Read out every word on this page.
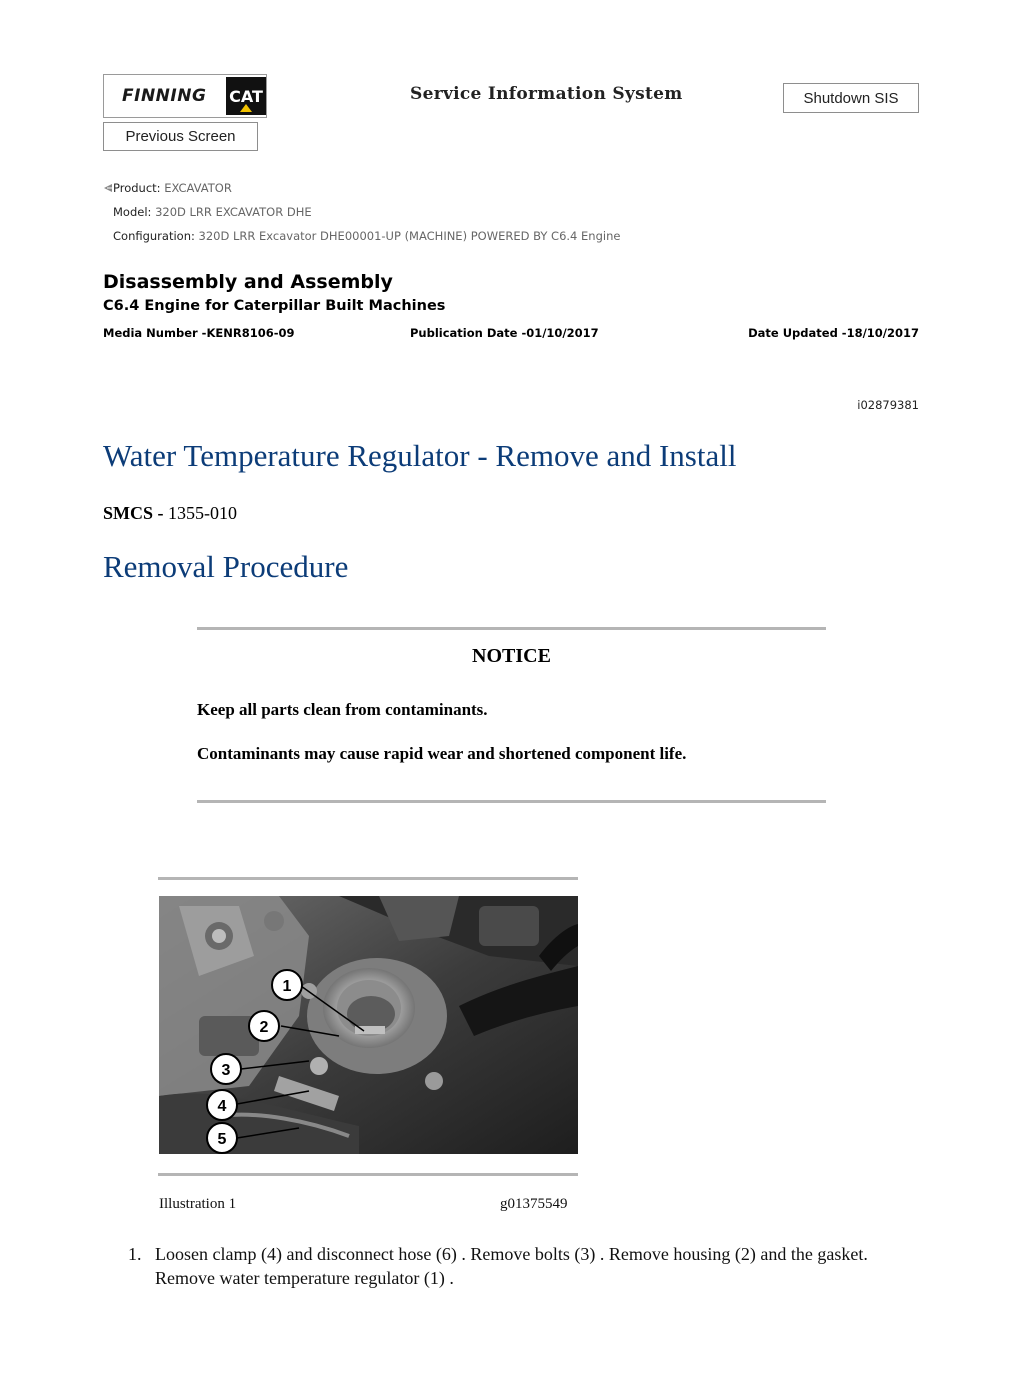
FINNING CAT	Service Information System	Shutdown SIS
Previous Screen
Product: EXCAVATOR
Model: 320D LRR EXCAVATOR DHE
Configuration: 320D LRR Excavator DHE00001-UP (MACHINE) POWERED BY C6.4 Engine
Disassembly and Assembly
C6.4 Engine for Caterpillar Built Machines
Media Number -KENR8106-09	Publication Date -01/10/2017	Date Updated -18/10/2017
i02879381
Water Temperature Regulator - Remove and Install
SMCS - 1355-010
Removal Procedure
NOTICE
Keep all parts clean from contaminants.
Contaminants may cause rapid wear and shortened component life.
1
2
3
4
5
Illustration 1	g01375549
1. Loosen clamp (4) and disconnect hose (6) . Remove bolts (3) . Remove housing (2) and the gasket. Remove water temperature regulator (1) .
